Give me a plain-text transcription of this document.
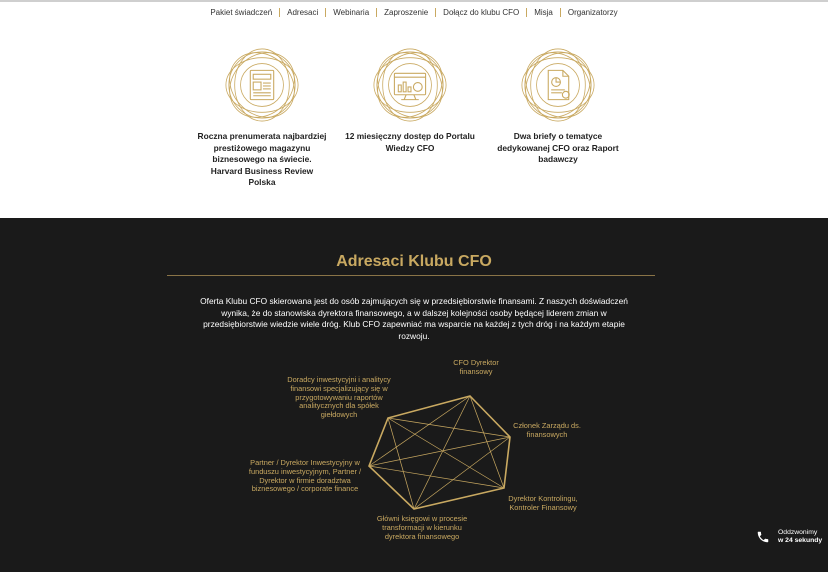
Pakiet świadczeń	Adresaci	Webinaria	Zaproszenie	Dołącz do klubu CFO	Misja	Organizatorzy
Roczna prenumerata najbardziej prestiżowego magazynu biznesowego na świecie. Harvard Business Review Polska
12 miesięczny dostęp do Portalu Wiedzy CFO
Dwa briefy o tematyce dedykowanej CFO oraz Raport badawczy
Adresaci Klubu CFO

Oferta Klubu CFO skierowana jest do osób zajmujących się w przedsiębiorstwie finansami. Z naszych doświadczeń wynika, że do stanowiska dyrektora finansowego, a w dalszej kolejności osoby będącej liderem zmian w przedsiębiorstwie wiedzie wiele dróg. Klub CFO zapewniać ma wsparcie na każdej z tych dróg i na każdym etapie rozwoju.

CFO Dyrektor finansowy
Doradcy inwestycyjni i analitycy finansowi specjalizujący się w przygotowywaniu raportów analitycznych dla spółek giełdowych
Członek Zarządu ds. finansowych
Partner / Dyrektor Inwestycyjny w funduszu inwestycyjnym, Partner / Dyrektor w firmie doradztwa biznesowego / corporate finance
Dyrektor Kontrolingu, Kontroler Finansowy
Główni księgowi w procesie transformacji w kierunku dyrektora finansowego	Oddzwonimy
w 24 sekundy
